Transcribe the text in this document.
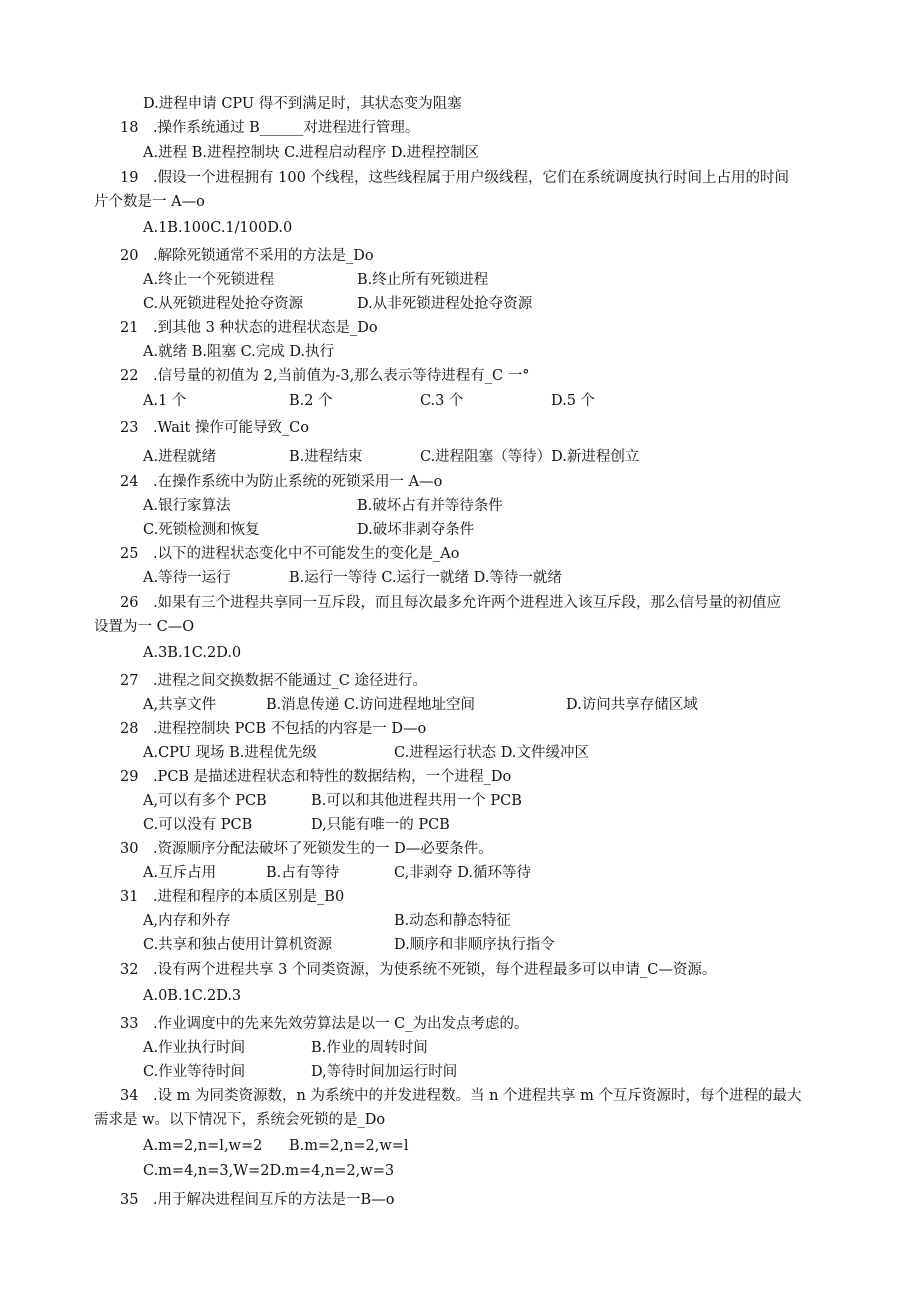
D.进程申请 CPU 得不到满足时，其状态变为阻塞
18　.操作系统通过 B______对进程进行管理。
A.进程 B.进程控制块 C.进程启动程序 D.进程控制区
19　.假设一个进程拥有 100 个线程，这些线程属于用户级线程，它们在系统调度执行时间上占用的时间
片个数是一 A—o
A.1B.100C.1/100D.0
20　.解除死锁通常不采用的方法是_Do
A.终止一个死锁进程	B.终止所有死锁进程
C.从死锁进程处抢夺资源	D.从非死锁进程处抢夺资源
21　.到其他 3 种状态的进程状态是_Do
A.就绪 B.阻塞 C.完成 D.执行
22　.信号量的初值为 2,当前值为-3,那么表示等待进程有_C 一°
A.1 个	B.2 个	C.3 个	D.5 个
23　.Wait 操作可能导致_Co
A.进程就绪	B.进程结束	C.进程阻塞（等待）D.新进程创立
24　.在操作系统中为防止系统的死锁采用一 A—o
A.银行家算法	B.破坏占有并等待条件
C.死锁检测和恢复	D.破坏非剥夺条件
25　.以下的进程状态变化中不可能发生的变化是_Ao
A.等待一运行	B.运行一等待 C.运行一就绪 D.等待一就绪
26　.如果有三个进程共享同一互斥段，而且每次最多允许两个进程进入该互斥段，那么信号量的初值应
设置为一 C—O
A.3B.1C.2D.0
27　.进程之间交换数据不能通过_C 途径进行。
A,共享文件	B.消息传递 C.访问进程地址空间	D.访问共享存储区域
28　.进程控制块 PCB 不包括的内容是一 D—o
A.CPU 现场 B.进程优先级	C.进程运行状态 D.文件缓冲区
29　.PCB 是描述进程状态和特性的数据结构，一个进程_Do
A,可以有多个 PCB	B.可以和其他进程共用一个 PCB
C.可以没有 PCB	D,只能有唯一的 PCB
30　.资源顺序分配法破坏了死锁发生的一 D—必要条件。
A.互斥占用	B.占有等待	C,非剥夺 D.循环等待
31　.进程和程序的本质区别是_B0
A,内存和外存	B.动态和静态特征
C.共享和独占使用计算机资源	D.顺序和非顺序执行指令
32　.设有两个进程共享 3 个同类资源，为使系统不死锁，每个进程最多可以申请_C—资源。
A.0B.1C.2D.3
33　.作业调度中的先来先效劳算法是以一 C_为出发点考虑的。
A.作业执行时间	B.作业的周转时间
C.作业等待时间	D,等待时间加运行时间
34　.设 m 为同类资源数，n 为系统中的并发进程数。当 n 个进程共享 m 个互斥资源时，每个进程的最大
需求是 w。以下情况下，系统会死锁的是_Do
A.m=2,n=l,w=2 B.m=2,n=2,w=l
C.m=4,n=3,W=2D.m=4,n=2,w=3
35　.用于解决进程间互斥的方法是一B—o
